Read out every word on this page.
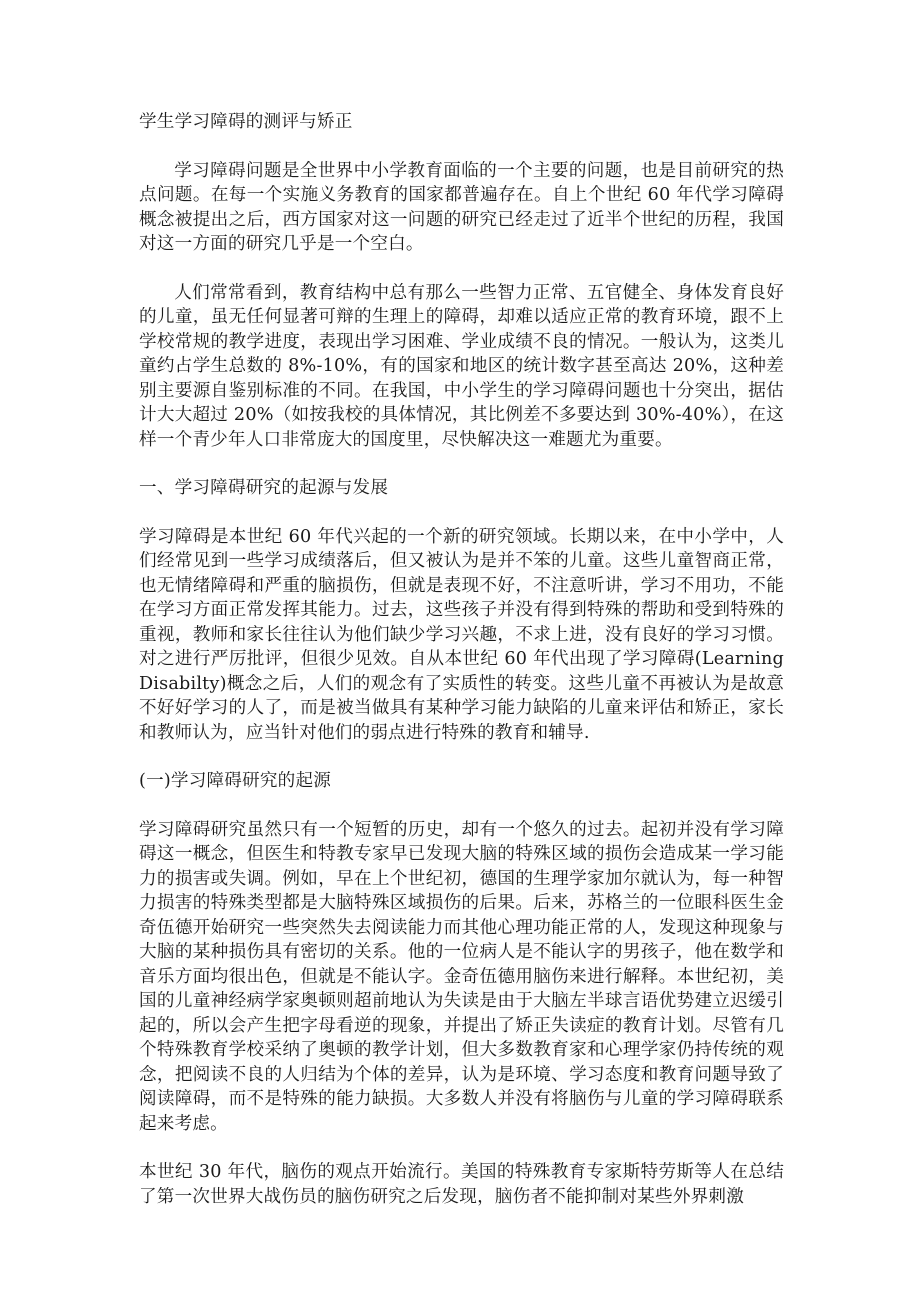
学生学习障碍的测评与矫正

学习障碍问题是全世界中小学教育面临的一个主要的问题，也是目前研究的热点问题。在每一个实施义务教育的国家都普遍存在。自上个世纪 60 年代学习障碍概念被提出之后，西方国家对这一问题的研究已经走过了近半个世纪的历程，我国对这一方面的研究几乎是一个空白。

人们常常看到，教育结构中总有那么一些智力正常、五官健全、身体发育良好的儿童，虽无任何显著可辩的生理上的障碍，却难以适应正常的教育环境，跟不上学校常规的教学进度，表现出学习困难、学业成绩不良的情况。一般认为，这类儿童约占学生总数的 8%-10%，有的国家和地区的统计数字甚至高达 20%，这种差别主要源自鉴别标准的不同。在我国，中小学生的学习障碍问题也十分突出，据估计大大超过 20%（如按我校的具体情况，其比例差不多要达到 30%-40%），在这样一个青少年人口非常庞大的国度里，尽快解决这一难题尤为重要。

一、学习障碍研究的起源与发展

学习障碍是本世纪 60 年代兴起的一个新的研究领域。长期以来，在中小学中，人们经常见到一些学习成绩落后，但又被认为是并不笨的儿童。这些儿童智商正常，也无情绪障碍和严重的脑损伤，但就是表现不好，不注意听讲，学习不用功，不能在学习方面正常发挥其能力。过去，这些孩子并没有得到特殊的帮助和受到特殊的重视，教师和家长往往认为他们缺少学习兴趣，不求上进，没有良好的学习习惯。对之进行严厉批评，但很少见效。自从本世纪 60 年代出现了学习障碍(Learning Disabilty)概念之后，人们的观念有了实质性的转变。这些儿童不再被认为是故意不好好学习的人了，而是被当做具有某种学习能力缺陷的儿童来评估和矫正，家长和教师认为，应当针对他们的弱点进行特殊的教育和辅导.

(一)学习障碍研究的起源

学习障碍研究虽然只有一个短暂的历史，却有一个悠久的过去。起初并没有学习障碍这一概念，但医生和特教专家早已发现大脑的特殊区域的损伤会造成某一学习能力的损害或失调。例如，早在上个世纪初，德国的生理学家加尔就认为，每一种智力损害的特殊类型都是大脑特殊区域损伤的后果。后来，苏格兰的一位眼科医生金奇伍德开始研究一些突然失去阅读能力而其他心理功能正常的人，发现这种现象与大脑的某种损伤具有密切的关系。他的一位病人是不能认字的男孩子，他在数学和音乐方面均很出色，但就是不能认字。金奇伍德用脑伤来进行解释。本世纪初，美国的儿童神经病学家奥顿则超前地认为失读是由于大脑左半球言语优势建立迟缓引起的，所以会产生把字母看逆的现象，并提出了矫正失读症的教育计划。尽管有几个特殊教育学校采纳了奥顿的教学计划，但大多数教育家和心理学家仍持传统的观念，把阅读不良的人归结为个体的差异，认为是环境、学习态度和教育问题导致了阅读障碍，而不是特殊的能力缺损。大多数人并没有将脑伤与儿童的学习障碍联系起来考虑。

本世纪 30 年代，脑伤的观点开始流行。美国的特殊教育专家斯特劳斯等人在总结了第一次世界大战伤员的脑伤研究之后发现，脑伤者不能抑制对某些外界刺激
